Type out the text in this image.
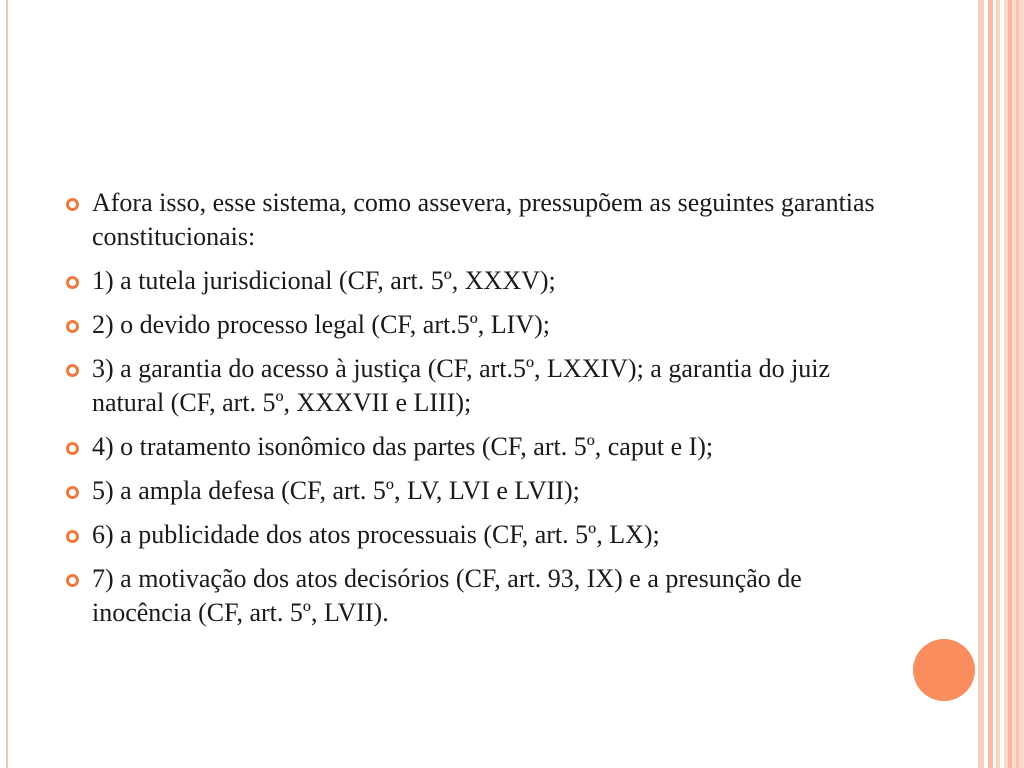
Afora isso, esse sistema, como assevera, pressupõem as seguintes garantias constitucionais:
1) a tutela jurisdicional (CF, art. 5º, XXXV);
2) o devido processo legal (CF, art.5º, LIV);
3) a garantia do acesso à justiça (CF, art.5º, LXXIV); a garantia do juiz natural (CF, art. 5º, XXXVII e LIII);
4) o tratamento isonômico das partes (CF, art. 5º, caput e I);
5) a ampla defesa (CF, art. 5º, LV, LVI e LVII);
6) a publicidade dos atos processuais (CF, art. 5º, LX);
7) a motivação dos atos decisórios (CF, art. 93, IX) e a presunção de inocência (CF, art. 5º, LVII).
